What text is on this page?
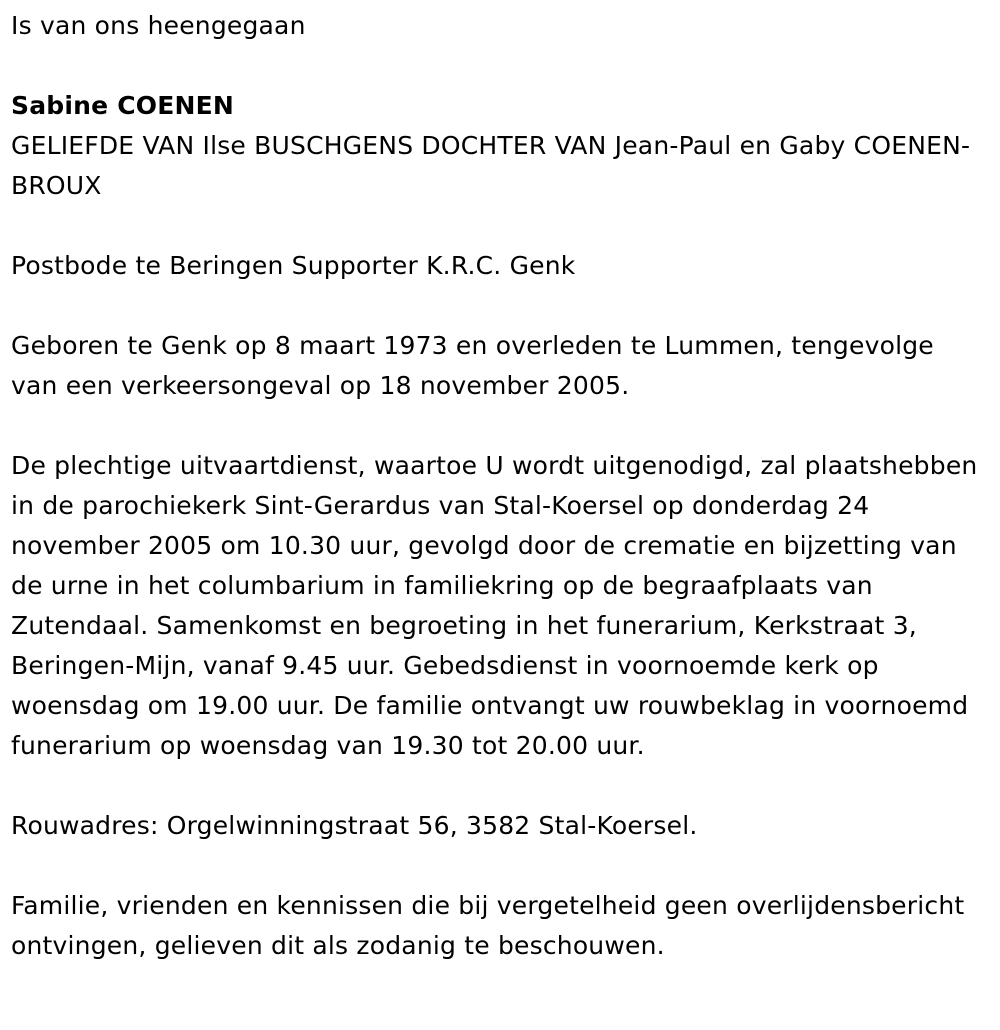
Is van ons heengegaan

Sabine COENEN

GELIEFDE VAN Ilse BUSCHGENS DOCHTER VAN Jean-Paul en Gaby COENEN-BROUX

Postbode te Beringen Supporter K.R.C. Genk

Geboren te Genk op 8 maart 1973 en overleden te Lummen, tengevolge van een verkeersongeval op 18 november 2005.

De plechtige uitvaartdienst, waartoe U wordt uitgenodigd, zal plaatshebben in de parochiekerk Sint-Gerardus van Stal-Koersel op donderdag 24 november 2005 om 10.30 uur, gevolgd door de crematie en bijzetting van de urne in het columbarium in familiekring op de begraafplaats van Zutendaal. Samenkomst en begroeting in het funerarium, Kerkstraat 3, Beringen-Mijn, vanaf 9.45 uur. Gebedsdienst in voornoemde kerk op woensdag om 19.00 uur. De familie ontvangt uw rouwbeklag in voornoemd funerarium op woensdag van 19.30 tot 20.00 uur.

Rouwadres: Orgelwinningstraat 56, 3582 Stal-Koersel.

Familie, vrienden en kennissen die bij vergetelheid geen overlijdensbericht ontvingen, gelieven dit als zodanig te beschouwen.
